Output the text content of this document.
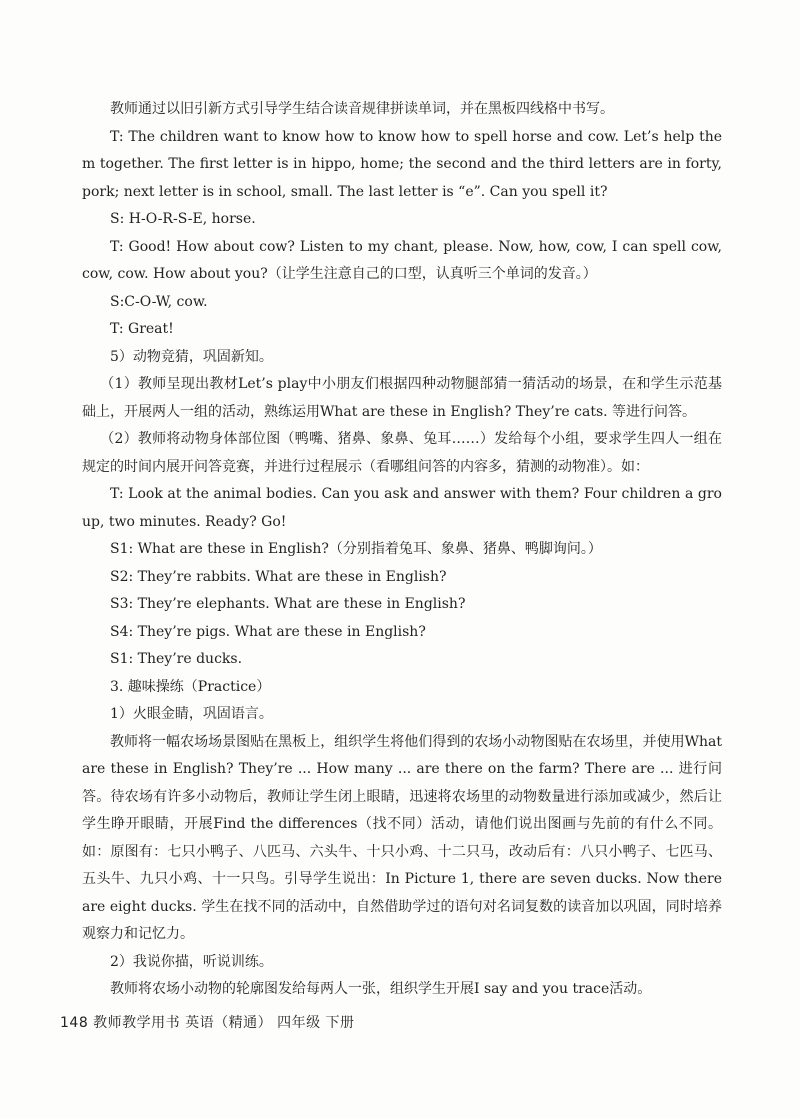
教师通过以旧引新方式引导学生结合读音规律拼读单词，并在黑板四线格中书写。

T: The children want to know how to know how to spell horse and cow. Let’s help them together. The first letter is in hippo, home; the second and the third letters are in forty, pork; next letter is in school, small. The last letter is “e”. Can you spell it?

S: H-O-R-S-E, horse.

T: Good! How about cow? Listen to my chant, please. Now, how, cow, I can spell cow, cow, cow. How about you?（让学生注意自己的口型，认真听三个单词的发音。）

S:C-O-W, cow.

T: Great!

5）动物竞猜，巩固新知。

（1）教师呈现出教材Let’s play中小朋友们根据四种动物腿部猜一猜活动的场景，在和学生示范基础上，开展两人一组的活动，熟练运用What are these in English? They’re cats. 等进行问答。

（2）教师将动物身体部位图（鸭嘴、猪鼻、象鼻、兔耳……）发给每个小组，要求学生四人一组在规定的时间内展开问答竞赛，并进行过程展示（看哪组问答的内容多，猜测的动物准）。如：

T: Look at the animal bodies. Can you ask and answer with them? Four children a group, two minutes. Ready? Go!

S1: What are these in English?（分别指着兔耳、象鼻、猪鼻、鸭脚询问。）

S2: They’re rabbits. What are these in English?

S3: They’re elephants. What are these in English?

S4: They’re pigs. What are these in English?

S1: They’re ducks.

3. 趣味操练（Practice）

1）火眼金睛，巩固语言。

教师将一幅农场场景图贴在黑板上，组织学生将他们得到的农场小动物图贴在农场里，并使用What are these in English? They’re ... How many ... are there on the farm? There are ... 进行问答。待农场有许多小动物后，教师让学生闭上眼睛，迅速将农场里的动物数量进行添加或减少，然后让学生睁开眼睛，开展Find the differences（找不同）活动，请他们说出图画与先前的有什么不同。如：原图有：七只小鸭子、八匹马、六头牛、十只小鸡、十二只马，改动后有：八只小鸭子、七匹马、五头牛、九只小鸡、十一只鸟。引导学生说出：In Picture 1, there are seven ducks. Now there are eight ducks. 学生在找不同的活动中，自然借助学过的语句对名词复数的读音加以巩固，同时培养观察力和记忆力。

2）我说你描，听说训练。

教师将农场小动物的轮廓图发给每两人一张，组织学生开展I say and you trace活动。

148 教师教学用书 英语（精通） 四年级 下册
